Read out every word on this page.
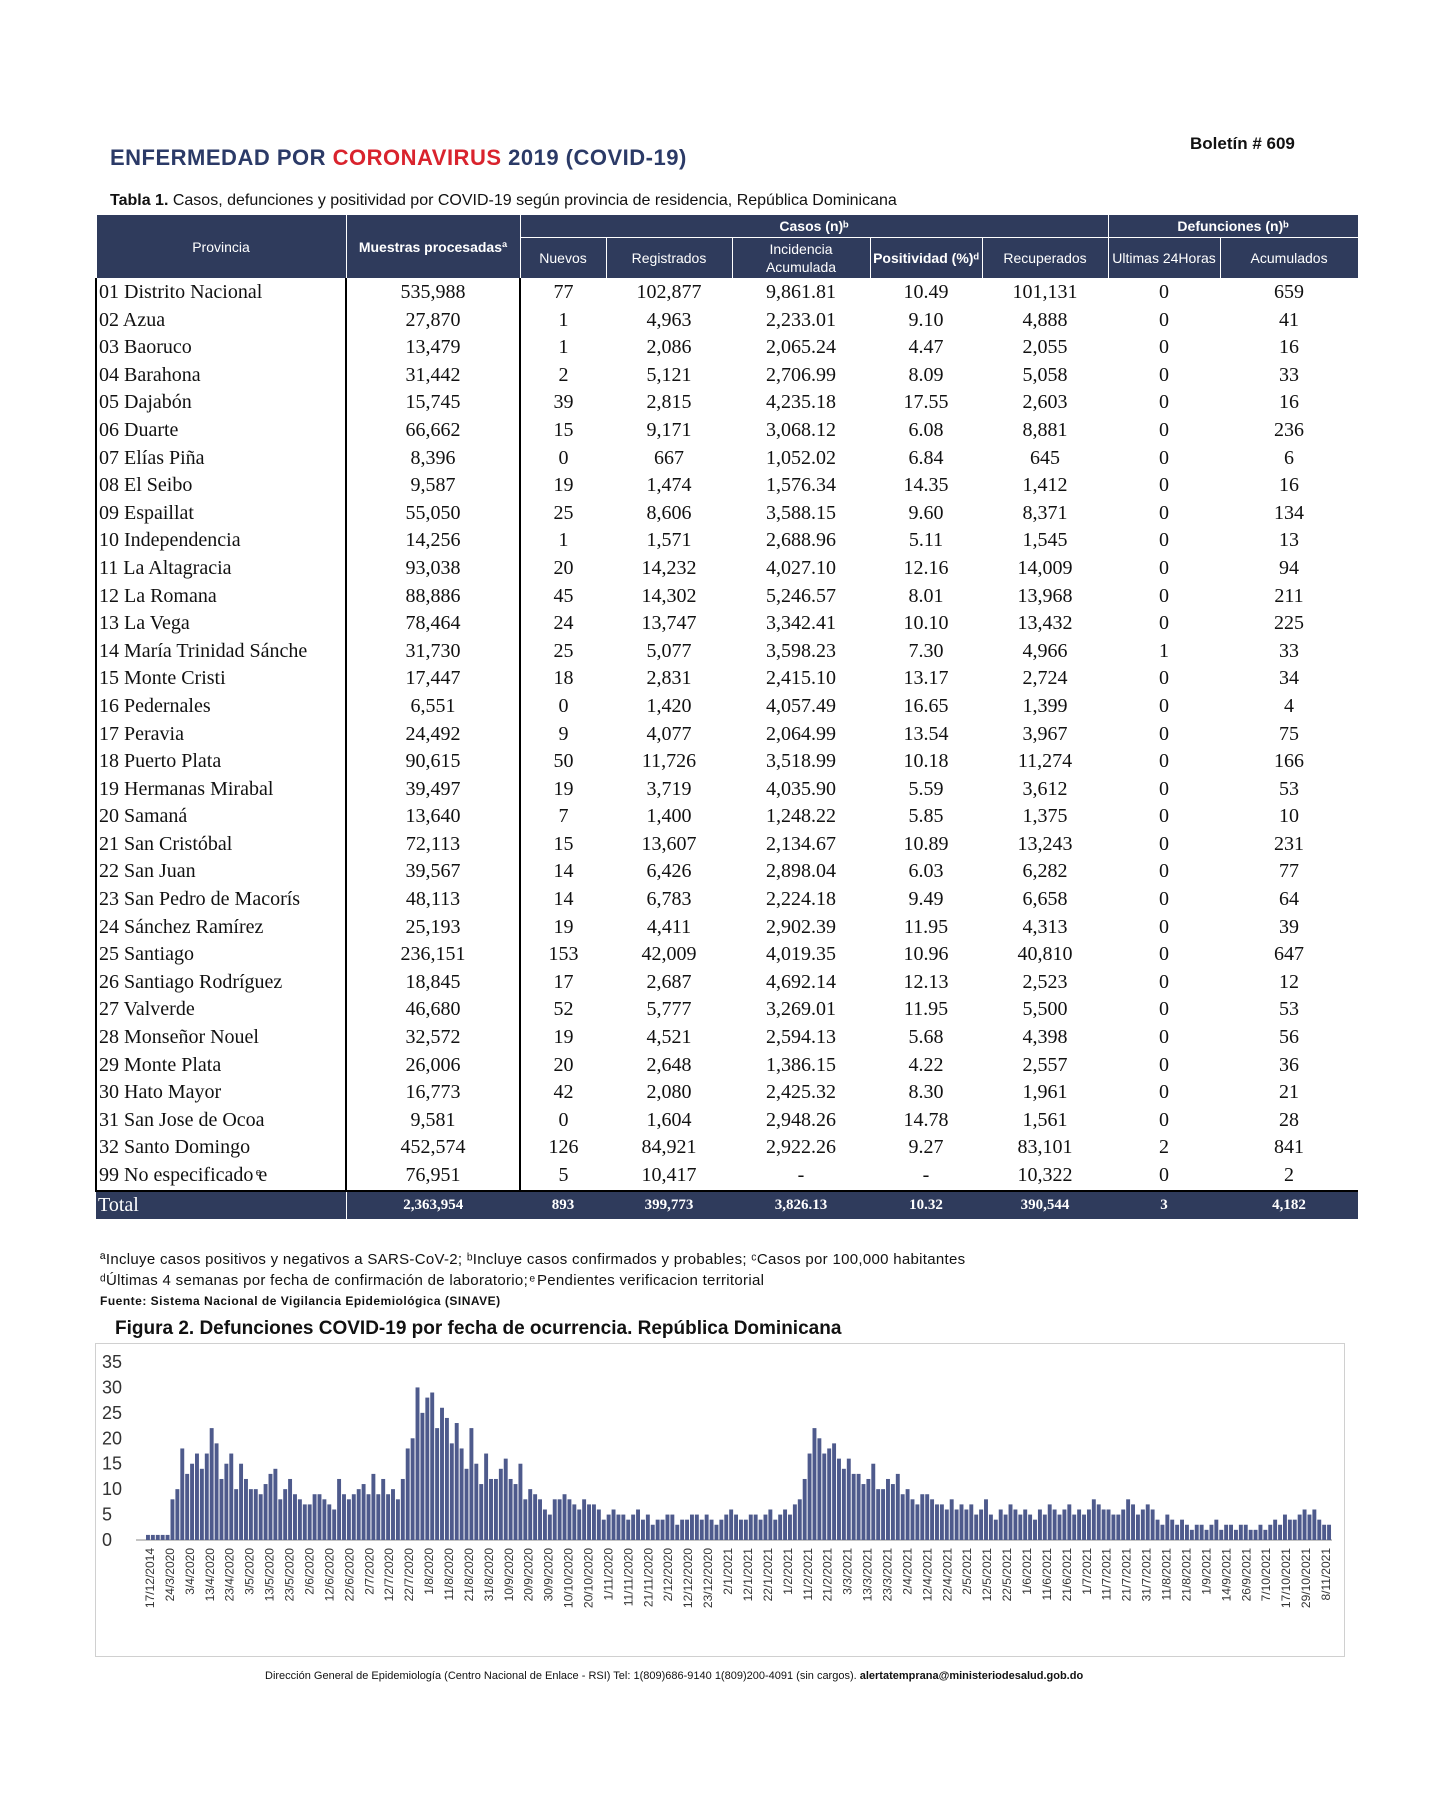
Boletín # 609
ENFERMEDAD POR CORONAVIRUS 2019 (COVID-19)
Tabla 1. Casos, defunciones y positividad por COVID-19 según provincia de residencia, República Dominicana
Provincia	Muestras procesadasª	Casos (n)ᵇ					Defunciones (n)ᵇ	
		Nuevos	Registrados	Incidencia Acumulada	Positividad (%)ᵈ	Recuperados	Ultimas 24Horas	Acumulados
01 Distrito Nacional	535,988	77	102,877	9,861.81	10.49	101,131	0	659
02 Azua	27,870	1	4,963	2,233.01	9.10	4,888	0	41
03 Baoruco	13,479	1	2,086	2,065.24	4.47	2,055	0	16
04 Barahona	31,442	2	5,121	2,706.99	8.09	5,058	0	33
05 Dajabón	15,745	39	2,815	4,235.18	17.55	2,603	0	16
06 Duarte	66,662	15	9,171	3,068.12	6.08	8,881	0	236
07 Elías Piña	8,396	0	667	1,052.02	6.84	645	0	6
08 El Seibo	9,587	19	1,474	1,576.34	14.35	1,412	0	16
09 Espaillat	55,050	25	8,606	3,588.15	9.60	8,371	0	134
10 Independencia	14,256	1	1,571	2,688.96	5.11	1,545	0	13
11 La Altagracia	93,038	20	14,232	4,027.10	12.16	14,009	0	94
12 La Romana	88,886	45	14,302	5,246.57	8.01	13,968	0	211
13 La Vega	78,464	24	13,747	3,342.41	10.10	13,432	0	225
14 María Trinidad Sánche	31,730	25	5,077	3,598.23	7.30	4,966	1	33
15 Monte Cristi	17,447	18	2,831	2,415.10	13.17	2,724	0	34
16 Pedernales	6,551	0	1,420	4,057.49	16.65	1,399	0	4
17 Peravia	24,492	9	4,077	2,064.99	13.54	3,967	0	75
18 Puerto Plata	90,615	50	11,726	3,518.99	10.18	11,274	0	166
19 Hermanas Mirabal	39,497	19	3,719	4,035.90	5.59	3,612	0	53
20 Samaná	13,640	7	1,400	1,248.22	5.85	1,375	0	10
21 San Cristóbal	72,113	15	13,607	2,134.67	10.89	13,243	0	231
22 San Juan	39,567	14	6,426	2,898.04	6.03	6,282	0	77
23 San Pedro de Macorís	48,113	14	6,783	2,224.18	9.49	6,658	0	64
24 Sánchez Ramírez	25,193	19	4,411	2,902.39	11.95	4,313	0	39
25 Santiago	236,151	153	42,009	4,019.35	10.96	40,810	0	647
26 Santiago Rodríguez	18,845	17	2,687	4,692.14	12.13	2,523	0	12
27 Valverde	46,680	52	5,777	3,269.01	11.95	5,500	0	53
28 Monseñor Nouel	32,572	19	4,521	2,594.13	5.68	4,398	0	56
29 Monte Plata	26,006	20	2,648	1,386.15	4.22	2,557	0	36
30 Hato Mayor	16,773	42	2,080	2,425.32	8.30	1,961	0	21
31 San Jose de Ocoa	9,581	0	1,604	2,948.26	14.78	1,561	0	28
32 Santo Domingo	452,574	126	84,921	2,922.26	9.27	83,101	2	841
99 No especificado ͤe	76,951	5	10,417	-	-	10,322	0	2
Total	2,363,954	893	399,773	3,826.13	10.32	390,544	3	4,182
ªIncluye casos positivos y negativos a SARS-CoV-2; ᵇIncluye casos confirmados y probables; ᶜCasos por 100,000 habitantes
ᵈÚltimas 4 semanas por fecha de confirmación de laboratorio; ͤ Pendientes verificacion territorial
Fuente: Sistema Nacional de Vigilancia Epidemiológica (SINAVE)
Figura 2. Defunciones COVID-19 por fecha de ocurrencia. República Dominicana
0
5
10
15
20
25
30
35
17/12/2014 24/3/2020 3/4/2020 13/4/2020 23/4/2020 3/5/2020 13/5/2020 23/5/2020 2/6/2020 12/6/2020 22/6/2020 2/7/2020 12/7/2020 22/7/2020 1/8/2020 11/8/2020 21/8/2020 31/8/2020 10/9/2020 20/9/2020 30/9/2020 10/10/2020 20/10/2020 1/11/2020 11/11/2020 21/11/2020 2/12/2020 12/12/2020 23/12/2020 2/1/2021 12/1/2021 22/1/2021 1/2/2021 11/2/2021 21/2/2021 3/3/2021 13/3/2021 23/3/2021 2/4/2021 12/4/2021 22/4/2021 2/5/2021 12/5/2021 22/5/2021 1/6/2021 11/6/2021 21/6/2021 1/7/2021 11/7/2021 21/7/2021 31/7/2021 11/8/2021 21/8/2021 1/9/2021 14/9/2021 26/9/2021 7/10/2021 17/10/2021 29/10/2021 8/11/2021
Dirección General de Epidemiología (Centro Nacional de Enlace - RSI) Tel: 1(809)686-9140 1(809)200-4091 (sin cargos). alertatemprana@ministeriodesalud.gob.do
